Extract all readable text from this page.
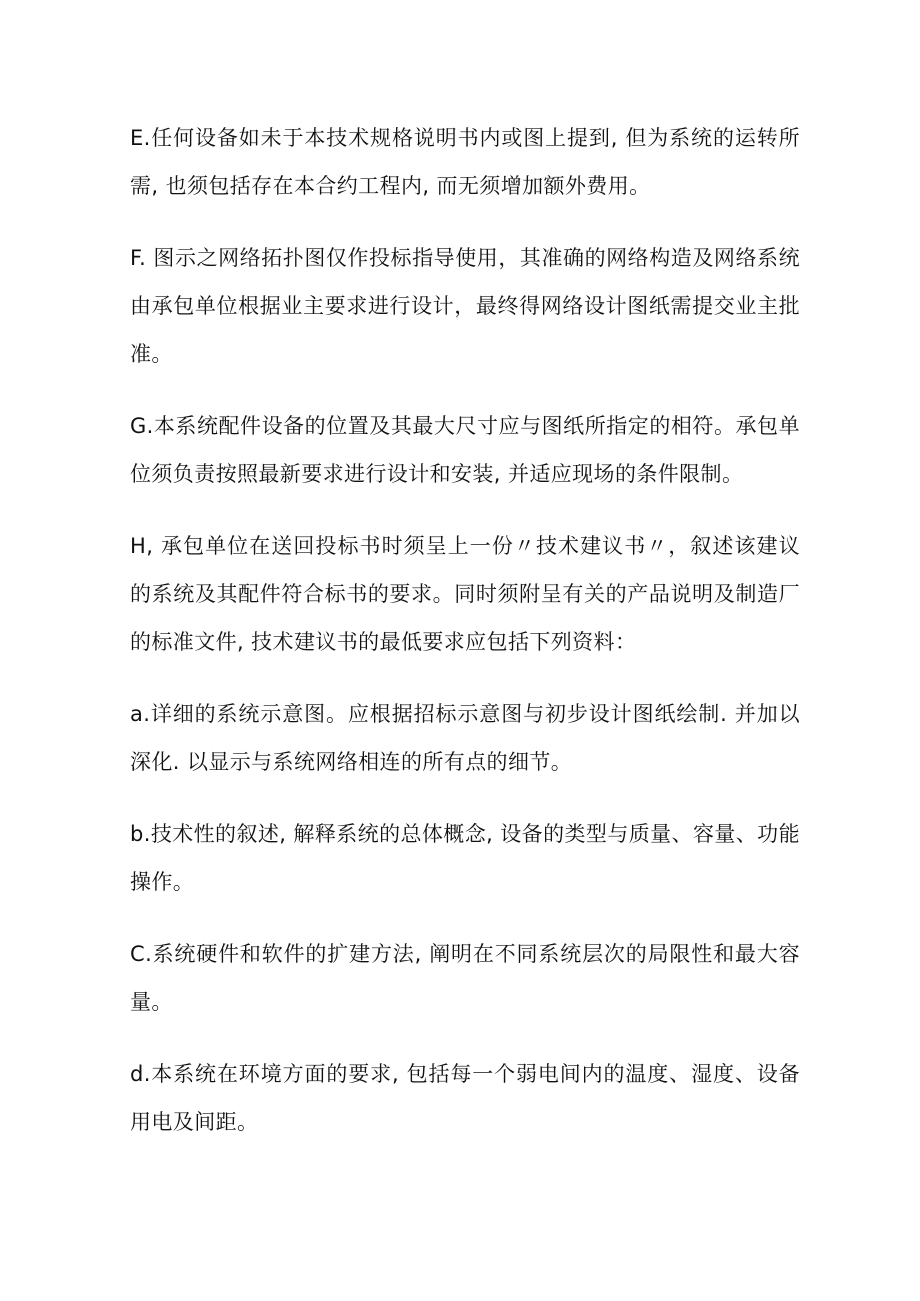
E.任何设备如未于本技术规格说明书内或图上提到, 但为系统的运转所需, 也须包括存在本合约工程内, 而无须增加额外费用。

F. 图示之网络拓扑图仅作投标指导使用，其准确的网络构造及网络系统由承包单位根据业主要求进行设计，最终得网络设计图纸需提交业主批准。

G.本系统配件设备的位置及其最大尺寸应与图纸所指定的相符。承包单位须负责按照最新要求进行设计和安装, 并适应现场的条件限制。

H, 承包单位在送回投标书时须呈上一份〃技术建议书〃，叙述该建议的系统及其配件符合标书的要求。同时须附呈有关的产品说明及制造厂的标准文件, 技术建议书的最低要求应包括下列资料：

a.详细的系统示意图。应根据招标示意图与初步设计图纸绘制. 并加以深化. 以显示与系统网络相连的所有点的细节。

b.技术性的叙述, 解释系统的总体概念, 设备的类型与质量、容量、功能操作。

C.系统硬件和软件的扩建方法, 阐明在不同系统层次的局限性和最大容量。

d.本系统在环境方面的要求, 包括每一个弱电间内的温度、湿度、设备用电及间距。
